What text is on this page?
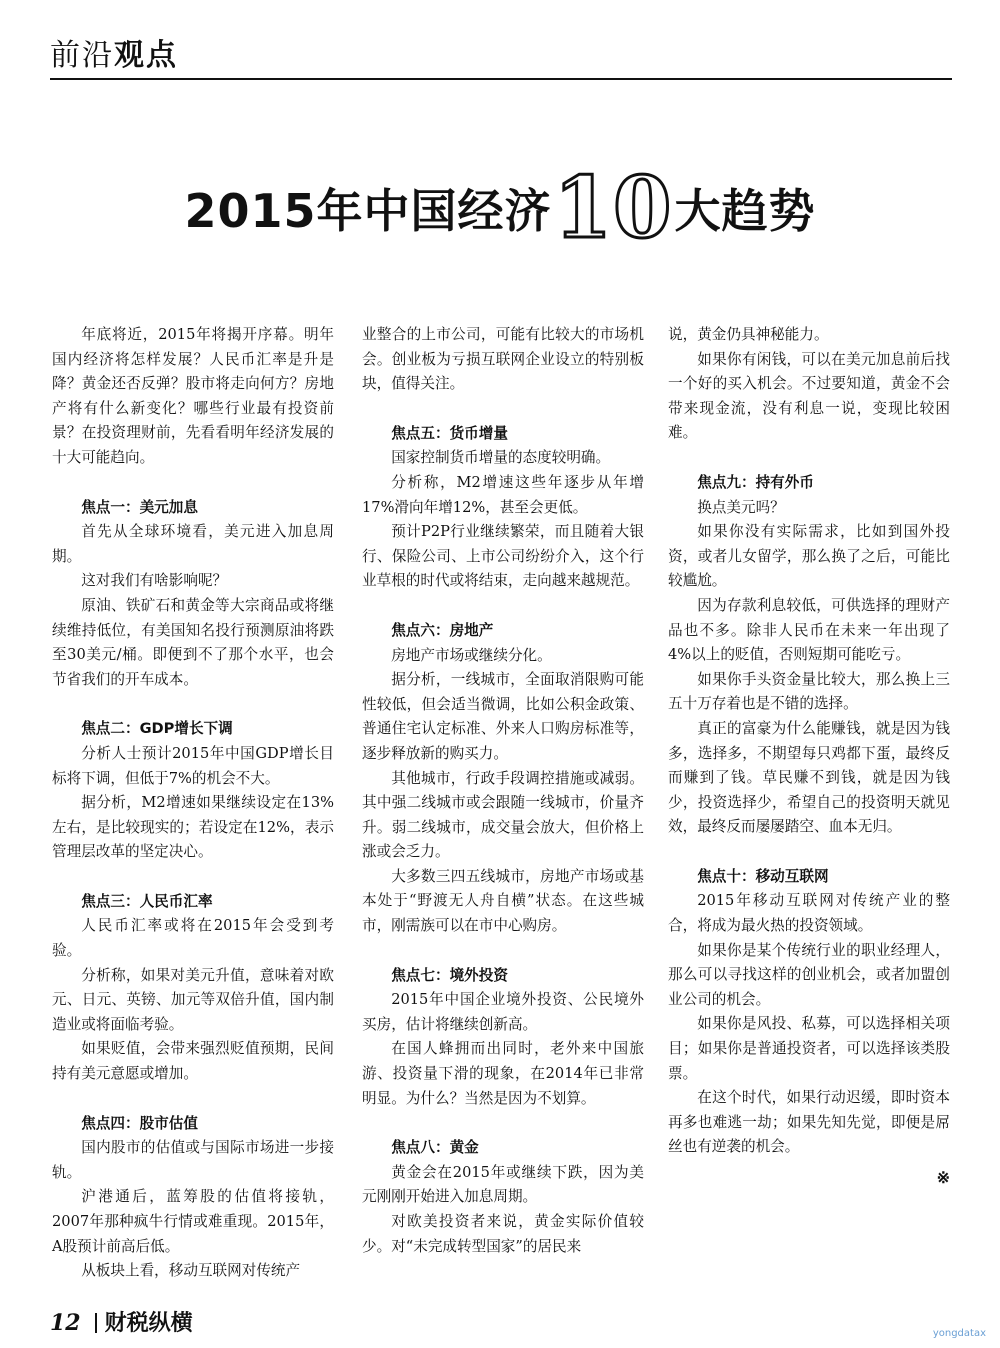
前沿观点
2015年中国经济10大趋势

年底将近，2015年将揭开序幕。明年国内经济将怎样发展？人民币汇率是升是降？黄金还否反弹？股市将走向何方？房地产将有什么新变化？哪些行业最有投资前景？在投资理财前，先看看明年经济发展的十大可能趋向。

焦点一：美元加息

首先从全球环境看，美元进入加息周期。

这对我们有啥影响呢？

原油、铁矿石和黄金等大宗商品或将继续维持低位，有美国知名投行预测原油将跌至30美元/桶。即便到不了那个水平，也会节省我们的开车成本。

焦点二：GDP增长下调

分析人士预计2015年中国GDP增长目标将下调，但低于7%的机会不大。

据分析，M2增速如果继续设定在13%左右，是比较现实的；若设定在12%，表示管理层改革的坚定决心。

焦点三：人民币汇率

人民币汇率或将在2015年会受到考验。

分析称，如果对美元升值，意味着对欧元、日元、英镑、加元等双倍升值，国内制造业或将面临考验。

如果贬值，会带来强烈贬值预期，民间持有美元意愿或增加。

焦点四：股市估值

国内股市的估值或与国际市场进一步接轨。

沪港通后，蓝筹股的估值将接轨，2007年那种疯牛行情或难重现。2015年，A股预计前高后低。

从板块上看，移动互联网对传统产

业整合的上市公司，可能有比较大的市场机会。创业板为亏损互联网企业设立的特别板块，值得关注。

焦点五：货币增量

国家控制货币增量的态度较明确。

分析称，M2增速这些年逐步从年增17%滑向年增12%，甚至会更低。

预计P2P行业继续繁荣，而且随着大银行、保险公司、上市公司纷纷介入，这个行业草根的时代或将结束，走向越来越规范。

焦点六：房地产

房地产市场或继续分化。

据分析，一线城市，全面取消限购可能性较低，但会适当微调，比如公积金政策、普通住宅认定标准、外来人口购房标准等，逐步释放新的购买力。

其他城市，行政手段调控措施或减弱。其中强二线城市或会跟随一线城市，价量齐升。弱二线城市，成交量会放大，但价格上涨或会乏力。

大多数三四五线城市，房地产市场或基本处于“野渡无人舟自横”状态。在这些城市，刚需族可以在市中心购房。

焦点七：境外投资

2015年中国企业境外投资、公民境外买房，估计将继续创新高。

在国人蜂拥而出同时，老外来中国旅游、投资量下滑的现象，在2014年已非常明显。为什么？当然是因为不划算。

焦点八：黄金

黄金会在2015年或继续下跌，因为美元刚刚开始进入加息周期。

对欧美投资者来说，黄金实际价值较少。对“未完成转型国家”的居民来

说，黄金仍具神秘能力。

如果你有闲钱，可以在美元加息前后找一个好的买入机会。不过要知道，黄金不会带来现金流，没有利息一说，变现比较困难。

焦点九：持有外币

换点美元吗？

如果你没有实际需求，比如到国外投资，或者儿女留学，那么换了之后，可能比较尴尬。

因为存款利息较低，可供选择的理财产品也不多。除非人民币在未来一年出现了4%以上的贬值，否则短期可能吃亏。

如果你手头资金量比较大，那么换上三五十万存着也是不错的选择。

真正的富豪为什么能赚钱，就是因为钱多，选择多，不期望每只鸡都下蛋，最终反而赚到了钱。草民赚不到钱，就是因为钱少，投资选择少，希望自己的投资明天就见效，最终反而屡屡踏空、血本无归。

焦点十：移动互联网

2015年移动互联网对传统产业的整合，将成为最火热的投资领域。

如果你是某个传统行业的职业经理人，那么可以寻找这样的创业机会，或者加盟创业公司的机会。

如果你是风投、私募，可以选择相关项目；如果你是普通投资者，可以选择该类股票。

在这个时代，如果行动迟缓，即时资本再多也难逃一劫；如果先知先觉，即便是屌丝也有逆袭的机会。

※
12 财税纵横	yongdatax
